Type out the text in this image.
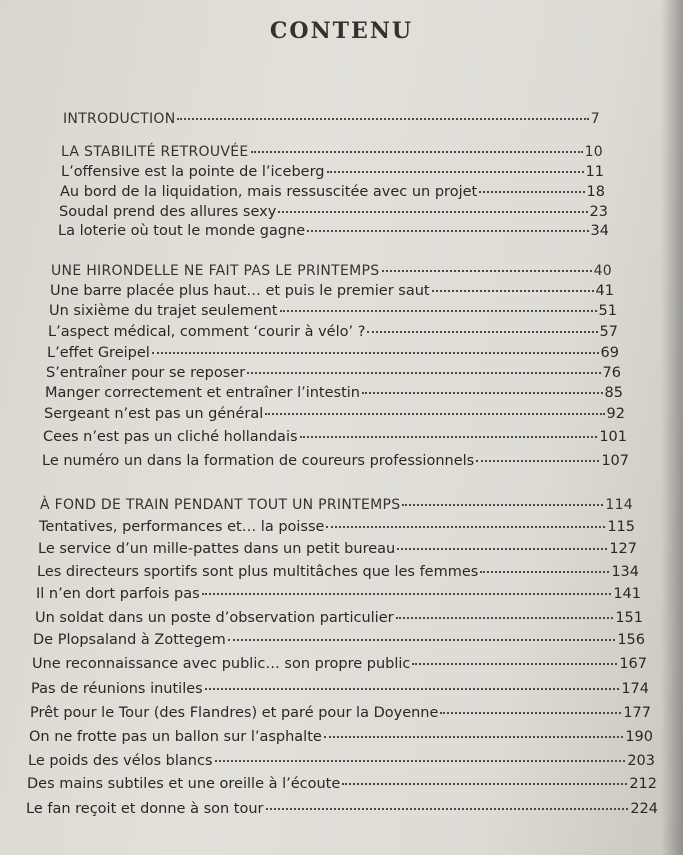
CONTENU
INTRODUCTION	7
LA STABILITÉ RETROUVÉE	10
L’offensive est la pointe de l’iceberg	11
Au bord de la liquidation, mais ressuscitée avec un projet	18
Soudal prend des allures sexy	23
La loterie où tout le monde gagne	34
UNE HIRONDELLE NE FAIT PAS LE PRINTEMPS	40
Une barre placée plus haut… et puis le premier saut	41
Un sixième du trajet seulement	51
L’aspect médical, comment ‘courir à vélo’ ?	57
L’effet Greipel	69
S’entraîner pour se reposer	76
Manger correctement et entraîner l’intestin	85
Sergeant n’est pas un général	92
Cees n’est pas un cliché hollandais	101
Le numéro un dans la formation de coureurs professionnels	107
À FOND DE TRAIN PENDANT TOUT UN PRINTEMPS	114
Tentatives, performances et… la poisse	115
Le service d’un mille-pattes dans un petit bureau	127
Les directeurs sportifs sont plus multitâches que les femmes	134
Il n’en dort parfois pas	141
Un soldat dans un poste d’observation particulier	151
De Plopsaland à Zottegem	156
Une reconnaissance avec public… son propre public	167
Pas de réunions inutiles	174
Prêt pour le Tour (des Flandres) et paré pour la Doyenne	177
On ne frotte pas un ballon sur l’asphalte	190
Le poids des vélos blancs	203
Des mains subtiles et une oreille à l’écoute	212
Le fan reçoit et donne à son tour	224
